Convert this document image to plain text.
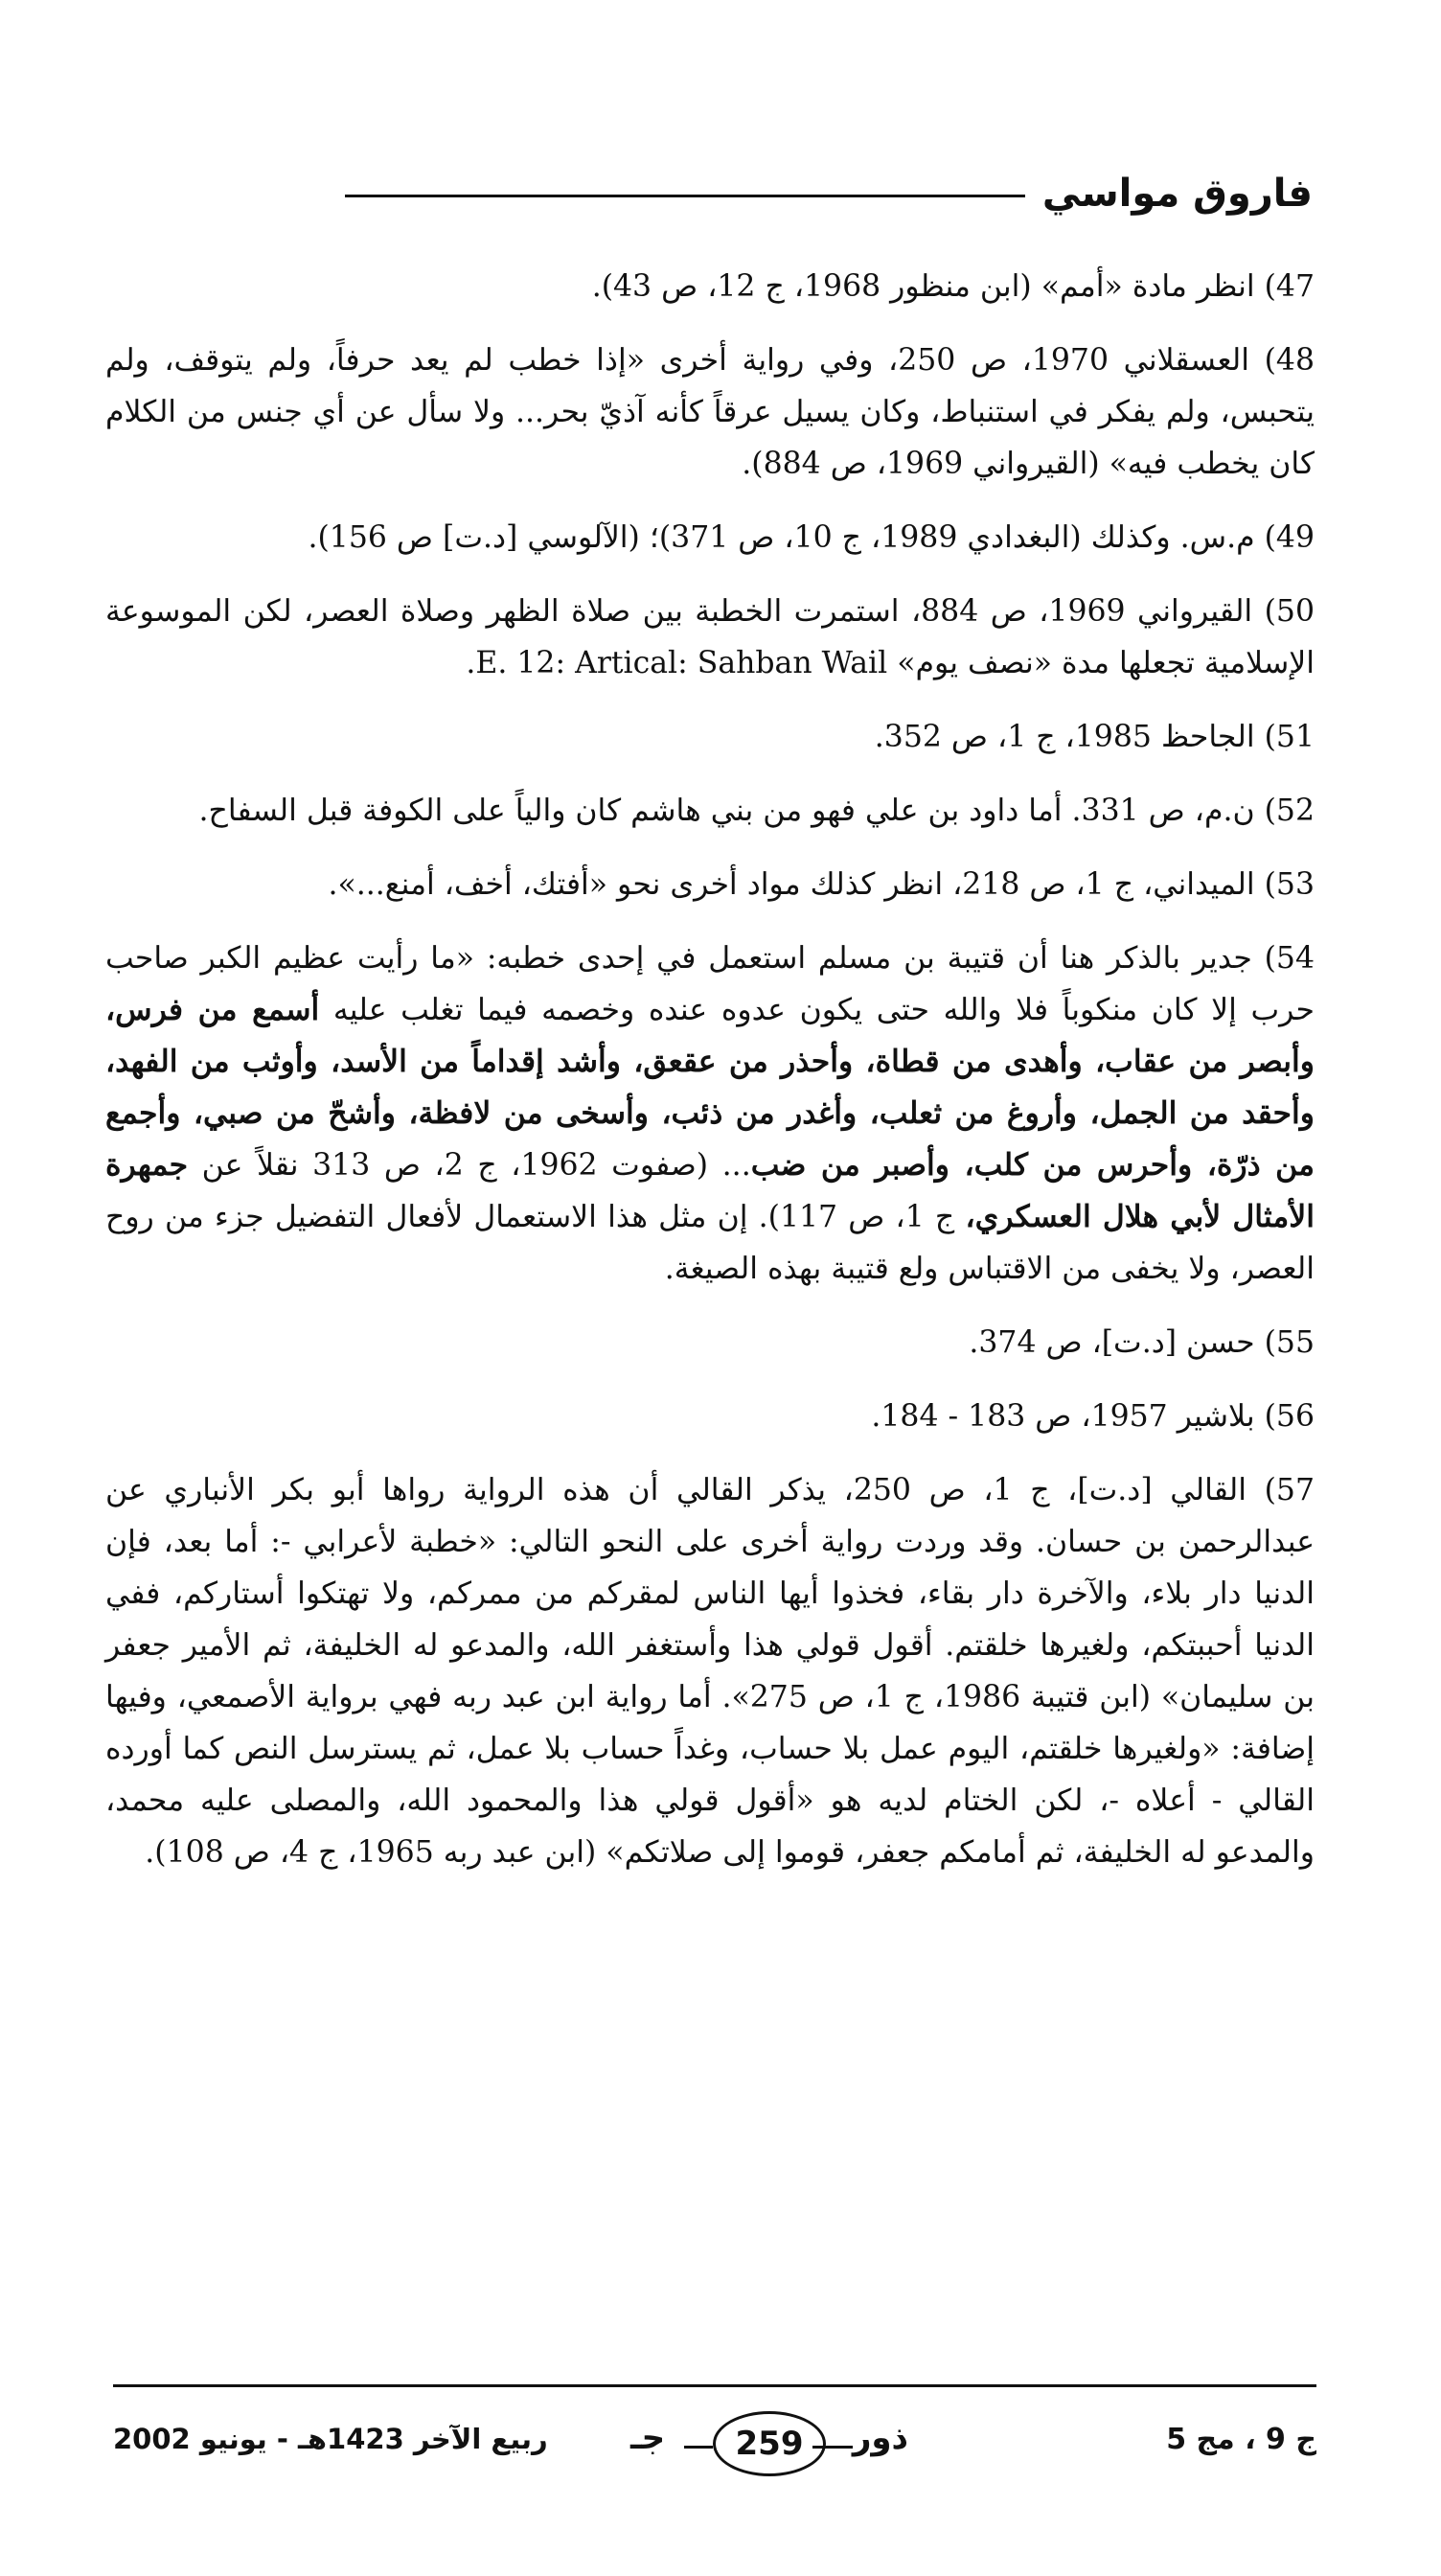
فاروق مواسي

47) انظر مادة «أمم» (ابن منظور 1968، ج 12، ص 43).

48) العسقلاني 1970، ص 250، وفي رواية أخرى «إذا خطب لم يعد حرفاً، ولم يتوقف، ولم يتحبس، ولم يفكر في استنباط، وكان يسيل عرقاً كأنه آذيّ بحر... ولا سأل عن أي جنس من الكلام كان يخطب فيه» (القيرواني 1969، ص 884).

49) م.س. وكذلك (البغدادي 1989، ج 10، ص 371)؛ (الآلوسي [د.ت] ص 156).

50) القيرواني 1969، ص 884، استمرت الخطبة بين صلاة الظهر وصلاة العصر، لكن الموسوعة الإسلامية تجعلها مدة «نصف يوم» E. 12: Artical: Sahban Wail.

51) الجاحظ 1985، ج 1، ص 352.

52) ن.م، ص 331. أما داود بن علي فهو من بني هاشم كان والياً على الكوفة قبل السفاح.

53) الميداني، ج 1، ص 218، انظر كذلك مواد أخرى نحو «أفتك، أخف، أمنع...».

54) جدير بالذكر هنا أن قتيبة بن مسلم استعمل في إحدى خطبه: «ما رأيت عظيم الكبر صاحب حرب إلا كان منكوباً فلا والله حتى يكون عدوه عنده وخصمه فيما تغلب عليه أسمع من فرس، وأبصر من عقاب، وأهدى من قطاة، وأحذر من عقعق، وأشد إقداماً من الأسد، وأوثب من الفهد، وأحقد من الجمل، وأروغ من ثعلب، وأغدر من ذئب، وأسخى من لافظة، وأشحّ من صبي، وأجمع من ذرّة، وأحرس من كلب، وأصبر من ضب... (صفوت 1962، ج 2، ص 313 نقلاً عن جمهرة الأمثال لأبي هلال العسكري، ج 1، ص 117). إن مثل هذا الاستعمال لأفعال التفضيل جزء من روح العصر، ولا يخفى من الاقتباس ولع قتيبة بهذه الصيغة.

55) حسن [د.ت]، ص 374.

56) بلاشير 1957، ص 183 - 184.

57) القالي [د.ت]، ج 1، ص 250، يذكر القالي أن هذه الرواية رواها أبو بكر الأنباري عن عبدالرحمن بن حسان. وقد وردت رواية أخرى على النحو التالي: «خطبة لأعرابي -: أما بعد، فإن الدنيا دار بلاء، والآخرة دار بقاء، فخذوا أيها الناس لمقركم من ممركم، ولا تهتكوا أستاركم، ففي الدنيا أحببتكم، ولغيرها خلقتم. أقول قولي هذا وأستغفر الله، والمدعو له الخليفة، ثم الأمير جعفر بن سليمان» (ابن قتيبة 1986، ج 1، ص 275». أما رواية ابن عبد ربه فهي برواية الأصمعي، وفيها إضافة: «ولغيرها خلقتم، اليوم عمل بلا حساب، وغداً حساب بلا عمل، ثم يسترسل النص كما أورده القالي - أعلاه -، لكن الختام لديه هو «أقول قولي هذا والمحمود الله، والمصلى عليه محمد، والمدعو له الخليفة، ثم أمامكم جعفر، قوموا إلى صلاتكم» (ابن عبد ربه 1965، ج 4، ص 108).

ج 9 ، مج 5
جـ	259	ذور
ربيع الآخر 1423هـ - يونيو 2002
